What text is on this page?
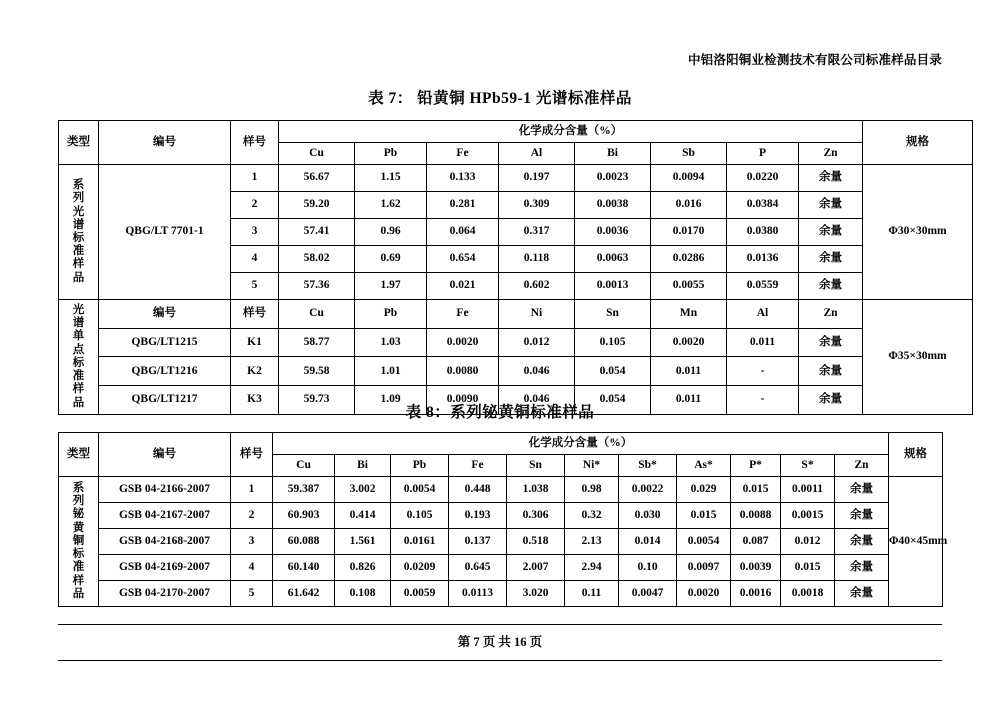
中铝洛阳铜业检测技术有限公司标准样品目录
表 7： 铅黄铜 HPb59-1 光谱标准样品
类型	编号	样号	化学成分含量（%）								规格
			Cu	Pb	Fe	Al	Bi	Sb	P	Zn	

系
列
光
谱
标
准
样
品
	QBG/LT 7701-1	1	56.67	1.15	0.133	0.197	0.0023	0.0094	0.0220	余量	Φ30×30mm
		2	59.20	1.62	0.281	0.309	0.0038	0.016	0.0384	余量	
		3	57.41	0.96	0.064	0.317	0.0036	0.0170	0.0380	余量	
		4	58.02	0.69	0.654	0.118	0.0063	0.0286	0.0136	余量	
		5	57.36	1.97	0.021	0.602	0.0013	0.0055	0.0559	余量	

光
谱
单
点
标
准
样
品
	编号	样号	Cu	Pb	Fe	Ni	Sn	Mn	Al	Zn	Φ35×30mm
	QBG/LT1215	K1	58.77	1.03	0.0020	0.012	0.105	0.0020	0.011	余量	
	QBG/LT1216	K2	59.58	1.01	0.0080	0.046	0.054	0.011	-	余量	
	QBG/LT1217	K3	59.73	1.09	0.0090	0.046	0.054	0.011	-	余量	
表 8：系列铋黄铜标准样品
类型	编号	样号	化学成分含量（%）											规格
			Cu	Bi	Pb	Fe	Sn	Ni*	Sb*	As*	P*	S*	Zn	

系
列
铋
黄
铜
标
准
样
品
	GSB 04-2166-2007	1	59.387	3.002	0.0054	0.448	1.038	0.98	0.0022	0.029	0.015	0.0011	余量	Φ40×45mm
	GSB 04-2167-2007	2	60.903	0.414	0.105	0.193	0.306	0.32	0.030	0.015	0.0088	0.0015	余量	
	GSB 04-2168-2007	3	60.088	1.561	0.0161	0.137	0.518	2.13	0.014	0.0054	0.087	0.012	余量	
	GSB 04-2169-2007	4	60.140	0.826	0.0209	0.645	2.007	2.94	0.10	0.0097	0.0039	0.015	余量	
	GSB 04-2170-2007	5	61.642	0.108	0.0059	0.0113	3.020	0.11	0.0047	0.0020	0.0016	0.0018	余量	
第 7 页 共 16 页
